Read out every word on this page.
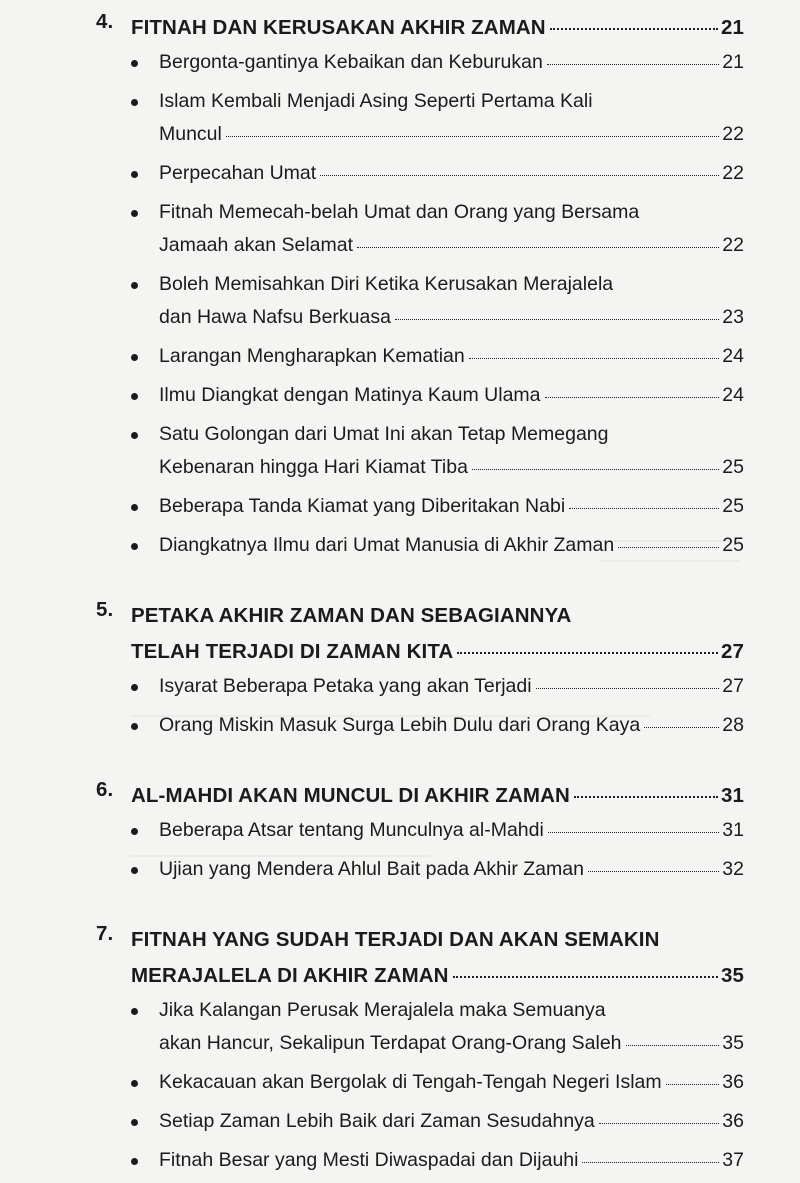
4. FITNAH DAN KERUSAKAN AKHIR ZAMAN	21
Bergonta-gantinya Kebaikan dan Keburukan	21
Islam Kembali Menjadi Asing Seperti Pertama Kali
Muncul	22
Perpecahan Umat	22
Fitnah Memecah-belah Umat dan Orang yang Bersama
Jamaah akan Selamat	22
Boleh Memisahkan Diri Ketika Kerusakan Merajalela
dan Hawa Nafsu Berkuasa	23
Larangan Mengharapkan Kematian	24
Ilmu Diangkat dengan Matinya Kaum Ulama	24
Satu Golongan dari Umat Ini akan Tetap Memegang
Kebenaran hingga Hari Kiamat Tiba	25
Beberapa Tanda Kiamat yang Diberitakan Nabi	25
Diangkatnya Ilmu dari Umat Manusia di Akhir Zaman	25
5. PETAKA AKHIR ZAMAN DAN SEBAGIANNYA
TELAH TERJADI DI ZAMAN KITA	27
Isyarat Beberapa Petaka yang akan Terjadi	27
Orang Miskin Masuk Surga Lebih Dulu dari Orang Kaya	28
6. AL-MAHDI AKAN MUNCUL DI AKHIR ZAMAN	31
Beberapa Atsar tentang Munculnya al-Mahdi	31
Ujian yang Mendera Ahlul Bait pada Akhir Zaman	32
7. FITNAH YANG SUDAH TERJADI DAN AKAN SEMAKIN
MERAJALELA DI AKHIR ZAMAN	35
Jika Kalangan Perusak Merajalela maka Semuanya
akan Hancur, Sekalipun Terdapat Orang-Orang Saleh	35
Kekacauan akan Bergolak di Tengah-Tengah Negeri Islam	36
Setiap Zaman Lebih Baik dari Zaman Sesudahnya	36
Fitnah Besar yang Mesti Diwaspadai dan Dijauhi	37
